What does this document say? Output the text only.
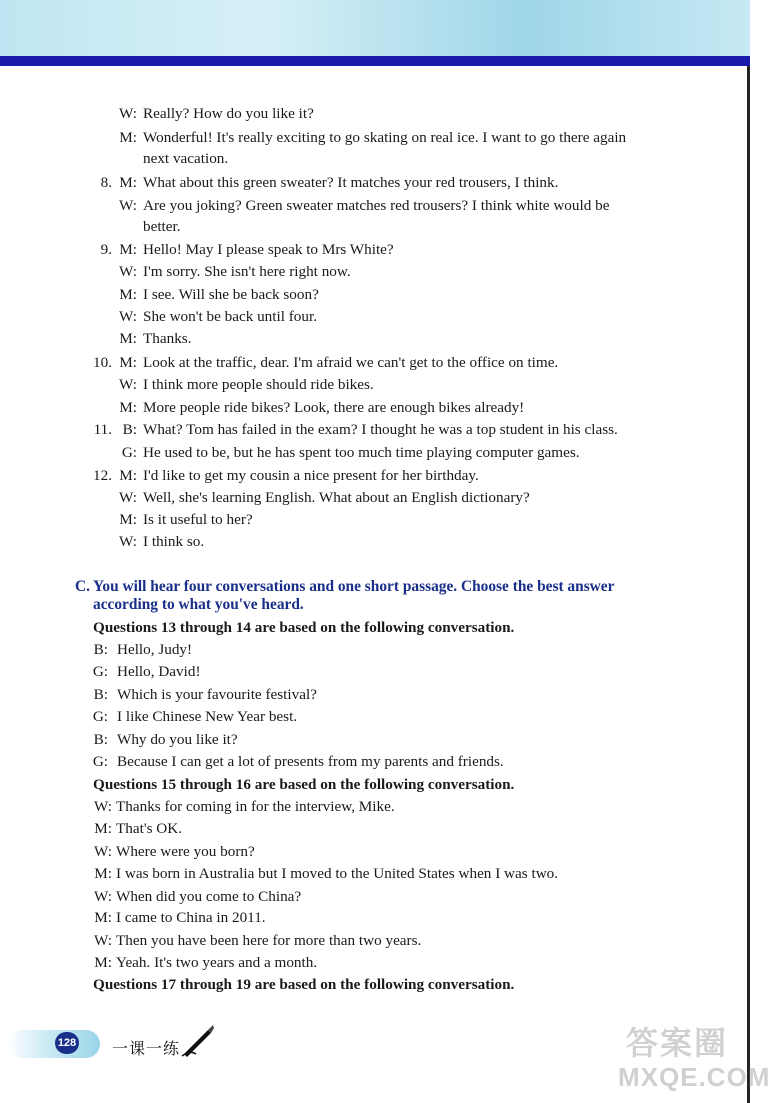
W: Really? How do you like it?
M: Wonderful! It's really exciting to go skating on real ice. I want to go there again
next vacation.
8. M: What about this green sweater? It matches your red trousers, I think.
W: Are you joking? Green sweater matches red trousers? I think white would be
better.
9. M: Hello! May I please speak to Mrs White?
W: I'm sorry. She isn't here right now.
M: I see. Will she be back soon?
W: She won't be back until four.
M: Thanks.
10. M: Look at the traffic, dear. I'm afraid we can't get to the office on time.
W: I think more people should ride bikes.
M: More people ride bikes? Look, there are enough bikes already!
11. B: What? Tom has failed in the exam? I thought he was a top student in his class.
G: He used to be, but he has spent too much time playing computer games.
12. M: I'd like to get my cousin a nice present for her birthday.
W: Well, she's learning English. What about an English dictionary?
M: Is it useful to her?
W: I think so.
B: Hello, Judy!
G: Hello, David!
B: Which is your favourite festival?
G: I like Chinese New Year best.
B: Why do you like it?
G: Because I can get a lot of presents from my parents and friends.
W: Thanks for coming in for the interview, Mike.
M: That's OK.
W: Where were you born?
M: I was born in Australia but I moved to the United States when I was two.
W: When did you come to China?
M: I came to China in 2011.
W: Then you have been here for more than two years.
M: Yeah. It's two years and a month.
C. You will hear four conversations and one short passage. Choose the best answer
according to what you've heard.
Questions 13 through 14 are based on the following conversation.
Questions 15 through 16 are based on the following conversation.
Questions 17 through 19 are based on the following conversation.
128 一课一练	答案圈
MXQE.COM
